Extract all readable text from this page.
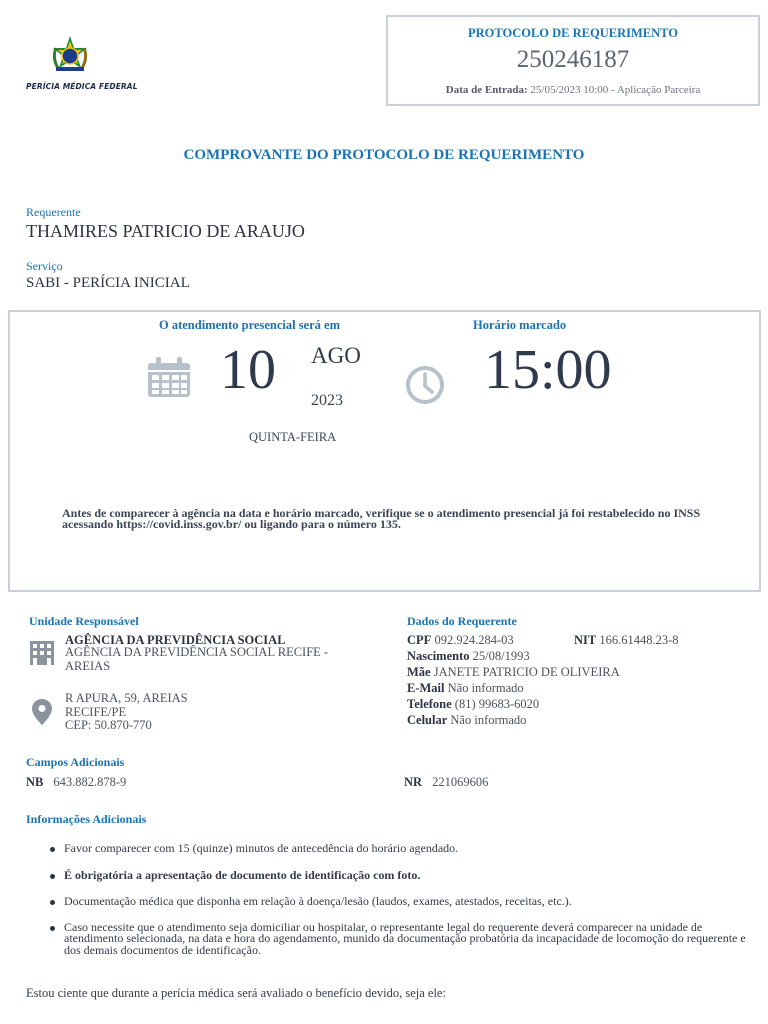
PERÍCIA MÉDICA FEDERAL
PROTOCOLO DE REQUERIMENTO
250246187
Data de Entrada: 25/05/2023 10:00 - Aplicação Parceira
COMPROVANTE DO PROTOCOLO DE REQUERIMENTO
Requerente
THAMIRES PATRICIO DE ARAUJO
Serviço
SABI - PERÍCIA INICIAL
O atendimento presencial será em	Horário marcado
10 AGO
2023
QUINTA-FEIRA
15:00
Antes de comparecer à agência na data e horário marcado, verifique se o atendimento presencial já foi restabelecido no INSS acessando https://covid.inss.gov.br/ ou ligando para o número 135.
Unidade Responsável
AGÊNCIA DA PREVIDÊNCIA SOCIAL
AGÊNCIA DA PREVIDÊNCIA SOCIAL RECIFE - AREIAS
R APURA, 59, AREIAS
RECIFE/PE
CEP: 50.870-770
Dados do Requerente
CPF 092.924.284-03	NIT 166.61448.23-8
Nascimento 25/08/1993
Mãe JANETE PATRICIO DE OLIVEIRA
E-Mail Não informado
Telefone (81) 99683-6020
Celular Não informado
Campos Adicionais
NB 643.882.878-9	NR 221069606
Informações Adicionais
Favor comparecer com 15 (quinze) minutos de antecedência do horário agendado.
É obrigatória a apresentação de documento de identificação com foto.
Documentação médica que disponha em relação à doença/lesão (laudos, exames, atestados, receitas, etc.).
Caso necessite que o atendimento seja domiciliar ou hospitalar, o representante legal do requerente deverá comparecer na unidade de atendimento selecionada, na data e hora do agendamento, munido da documentação probatória da incapacidade de locomoção do requerente e dos demais documentos de identificação.
Estou ciente que durante a perícia médica será avaliado o benefício devido, seja ele:
